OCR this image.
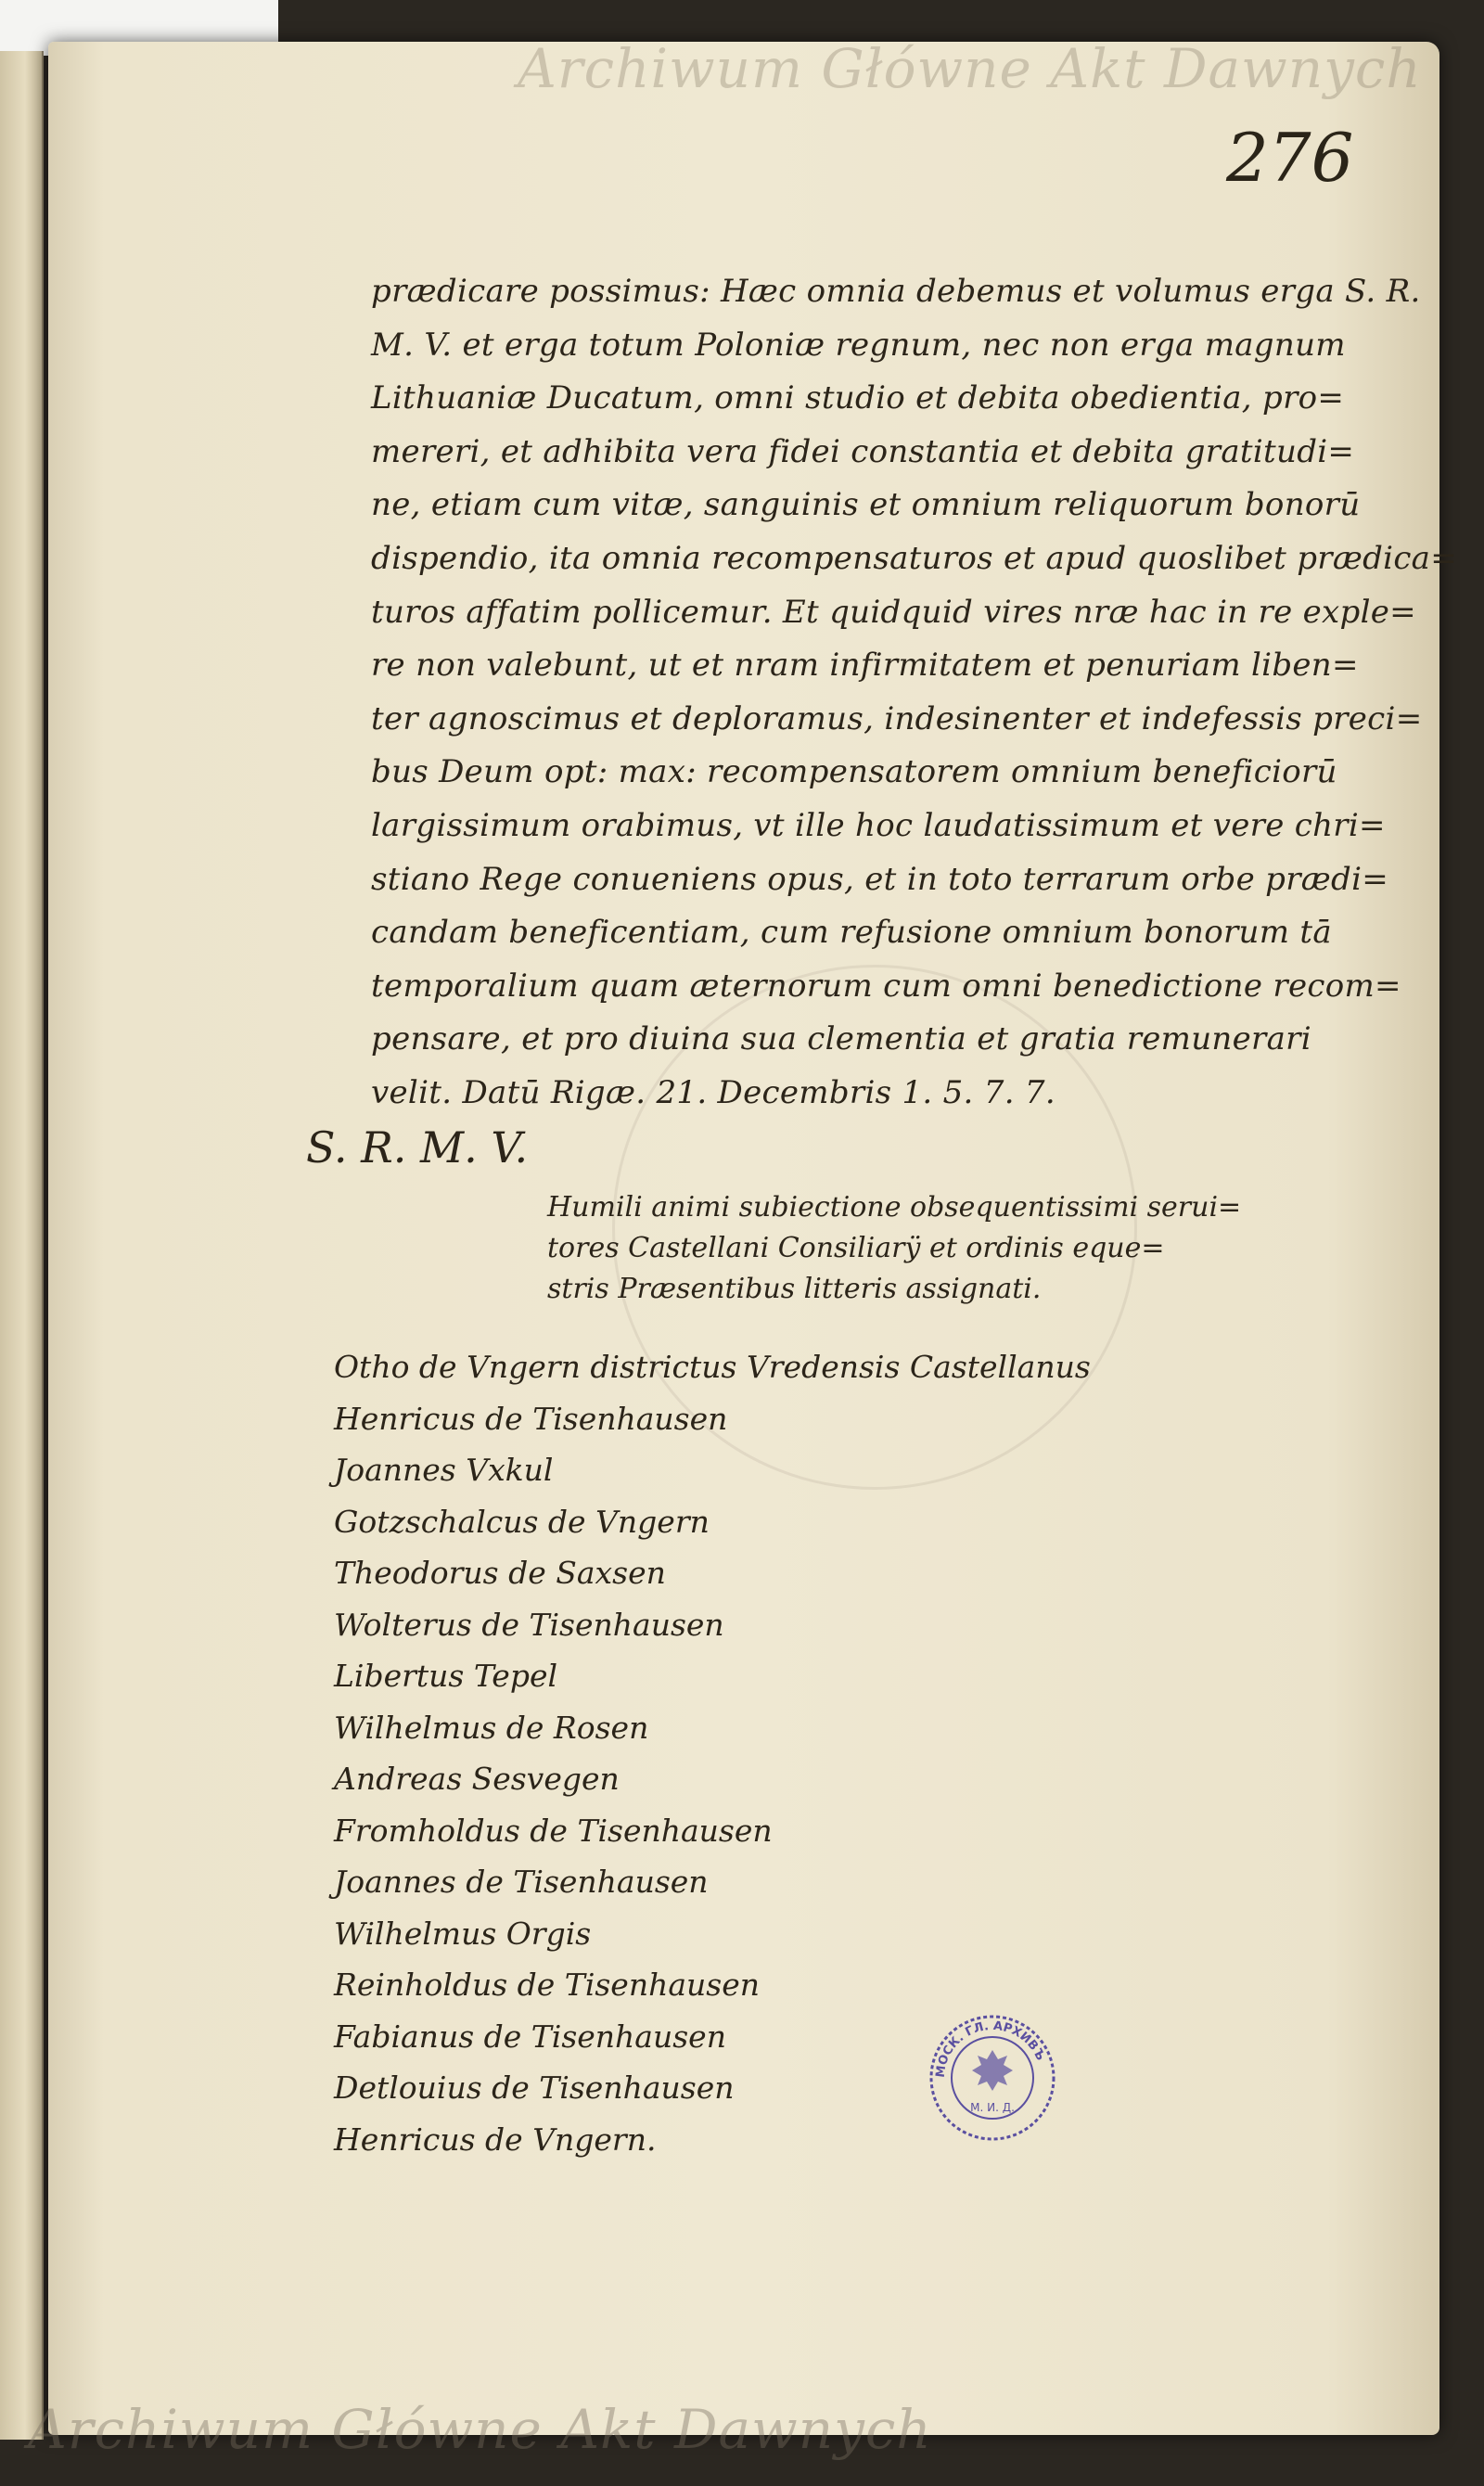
Archiwum Główne Akt Dawnych
276
prædicare possimus: Hæc omnia debemus et volumus erga S. R.
M. V. et erga totum Poloniæ regnum, nec non erga magnum
Lithuaniæ Ducatum, omni studio et debita obedientia, pro=
mereri, et adhibita vera fidei constantia et debita gratitudi=
ne, etiam cum vitæ, sanguinis et omnium reliquorum bonorū
dispendio, ita omnia recompensaturos et apud quoslibet prædica=
turos affatim pollicemur. Et quidquid vires nræ hac in re exple=
re non valebunt, ut et nram infirmitatem et penuriam liben=
ter agnoscimus et deploramus, indesinenter et indefessis preci=
bus Deum opt: max: recompensatorem omnium beneficiorū
largissimum orabimus, vt ille hoc laudatissimum et vere chri=
stiano Rege conueniens opus, et in toto terrarum orbe prædi=
candam beneficentiam, cum refusione omnium bonorum tā
temporalium quam æternorum cum omni benedictione recom=
pensare, et pro diuina sua clementia et gratia remunerari
velit. Datū Rigæ. 21. Decembris 1. 5. 7. 7.
S. R. M. V.
Humili animi subiectione obsequentissimi serui=
tores Castellani Consiliarÿ et ordinis eque=
stris Præsentibus litteris assignati.
Otho de Vngern districtus Vredensis Castellanus
Henricus de Tisenhausen
Joannes Vxkul
Gotzschalcus de Vngern
Theodorus de Saxsen
Wolterus de Tisenhausen
Libertus Tepel
Wilhelmus de Rosen
Andreas Sesvegen
Fromholdus de Tisenhausen
Joannes de Tisenhausen
Wilhelmus Orgis
Reinholdus de Tisenhausen
Fabianus de Tisenhausen
Detlouius de Tisenhausen
Henricus de Vngern.
МОСК. ГЛ. АРХИВЪ
М. И. Д.
Archiwum Główne Akt Dawnych
